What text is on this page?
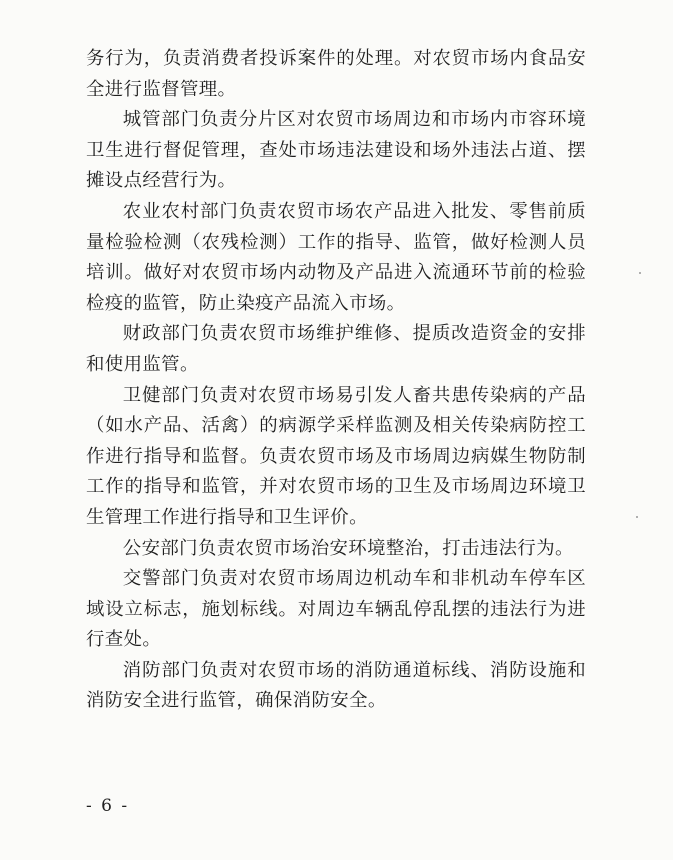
务行为，负责消费者投诉案件的处理。对农贸市场内食品安全进行监督管理。

城管部门负责分片区对农贸市场周边和市场内市容环境卫生进行督促管理，查处市场违法建设和场外违法占道、摆摊设点经营行为。

农业农村部门负责农贸市场农产品进入批发、零售前质量检验检测（农残检测）工作的指导、监管，做好检测人员培训。做好对农贸市场内动物及产品进入流通环节前的检验检疫的监管，防止染疫产品流入市场。

财政部门负责农贸市场维护维修、提质改造资金的安排和使用监管。

卫健部门负责对农贸市场易引发人畜共患传染病的产品（如水产品、活禽）的病源学采样监测及相关传染病防控工作进行指导和监督。负责农贸市场及市场周边病媒生物防制工作的指导和监管，并对农贸市场的卫生及市场周边环境卫生管理工作进行指导和卫生评价。

公安部门负责农贸市场治安环境整治，打击违法行为。

交警部门负责对农贸市场周边机动车和非机动车停车区域设立标志，施划标线。对周边车辆乱停乱摆的违法行为进行查处。

消防部门负责对农贸市场的消防通道标线、消防设施和消防安全进行监管，确保消防安全。

- 6 -
